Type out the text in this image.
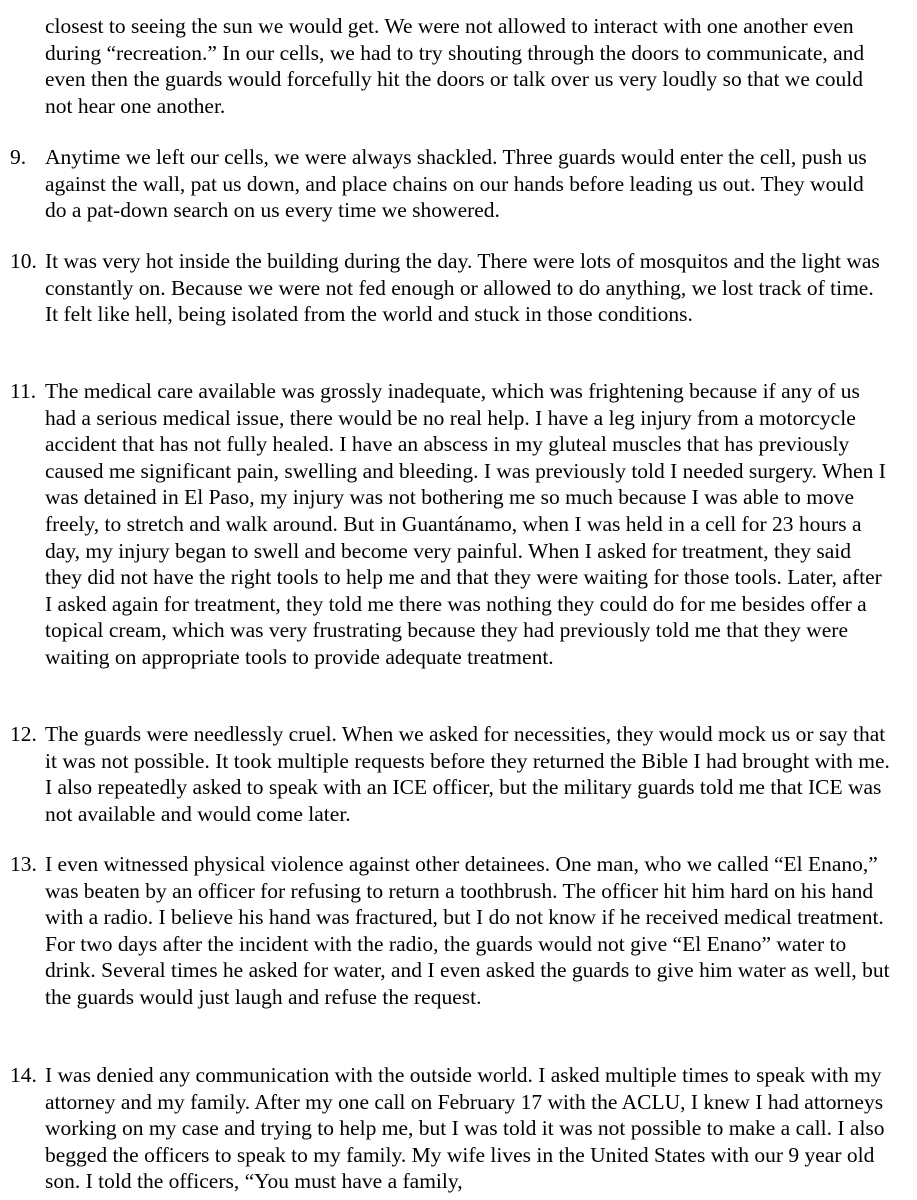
closest to seeing the sun we would get. We were not allowed to interact with one another even during “recreation.” In our cells, we had to try shouting through the doors to communicate, and even then the guards would forcefully hit the doors or talk over us very loudly so that we could not hear one another.
9. Anytime we left our cells, we were always shackled. Three guards would enter the cell, push us against the wall, pat us down, and place chains on our hands before leading us out. They would do a pat-down search on us every time we showered.
10. It was very hot inside the building during the day. There were lots of mosquitos and the light was constantly on. Because we were not fed enough or allowed to do anything, we lost track of time. It felt like hell, being isolated from the world and stuck in those conditions.
11. The medical care available was grossly inadequate, which was frightening because if any of us had a serious medical issue, there would be no real help. I have a leg injury from a motorcycle accident that has not fully healed. I have an abscess in my gluteal muscles that has previously caused me significant pain, swelling and bleeding. I was previously told I needed surgery. When I was detained in El Paso, my injury was not bothering me so much because I was able to move freely, to stretch and walk around. But in Guantánamo, when I was held in a cell for 23 hours a day, my injury began to swell and become very painful. When I asked for treatment, they said they did not have the right tools to help me and that they were waiting for those tools. Later, after I asked again for treatment, they told me there was nothing they could do for me besides offer a topical cream, which was very frustrating because they had previously told me that they were waiting on appropriate tools to provide adequate treatment.
12. The guards were needlessly cruel. When we asked for necessities, they would mock us or say that it was not possible. It took multiple requests before they returned the Bible I had brought with me. I also repeatedly asked to speak with an ICE officer, but the military guards told me that ICE was not available and would come later.
13. I even witnessed physical violence against other detainees. One man, who we called “El Enano,” was beaten by an officer for refusing to return a toothbrush. The officer hit him hard on his hand with a radio. I believe his hand was fractured, but I do not know if he received medical treatment. For two days after the incident with the radio, the guards would not give “El Enano” water to drink. Several times he asked for water, and I even asked the guards to give him water as well, but the guards would just laugh and refuse the request.
14. I was denied any communication with the outside world. I asked multiple times to speak with my attorney and my family. After my one call on February 17 with the ACLU, I knew I had attorneys working on my case and trying to help me, but I was told it was not possible to make a call. I also begged the officers to speak to my family. My wife lives in the United States with our 9 year old son. I told the officers, “You must have a family,
